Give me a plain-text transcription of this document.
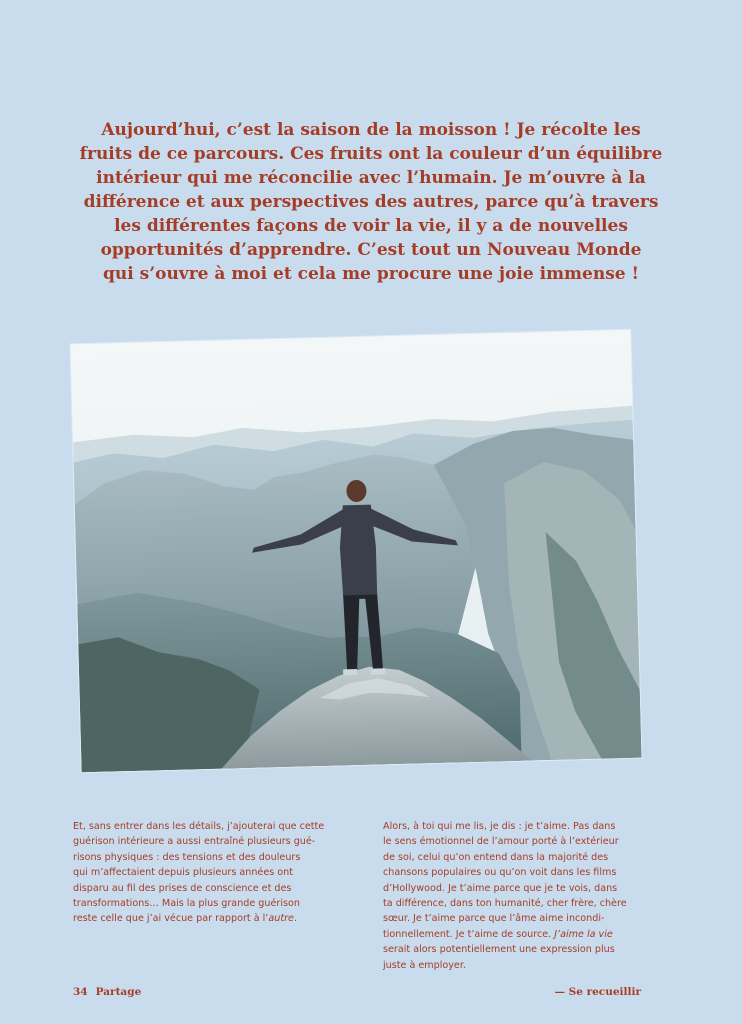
Aujourd’hui, c’est la saison de la moisson ! Je récolte les
fruits de ce parcours. Ces fruits ont la couleur d’un équilibre
intérieur qui me réconcilie avec l’humain. Je m’ouvre à la
différence et aux perspectives des autres, parce qu’à travers
les différentes façons de voir la vie, il y a de nouvelles
opportunités d’apprendre. C’est tout un Nouveau Monde
qui s’ouvre à moi et cela me procure une joie immense !
Et, sans entrer dans les détails, j’ajouterai que cette
guérison intérieure a aussi entraîné plusieurs gué-
risons physiques : des tensions et des douleurs
qui m’affectaient depuis plusieurs années ont
disparu au fil des prises de conscience et des
transformations… Mais la plus grande guérison
reste celle que j’ai vécue par rapport à l’autre.
Alors, à toi qui me lis, je dis : je t’aime. Pas dans
le sens émotionnel de l’amour porté à l’extérieur
de soi, celui qu’on entend dans la majorité des
chansons populaires ou qu’on voit dans les films
d’Hollywood. Je t’aime parce que je te vois, dans
ta différence, dans ton humanité, cher frère, chère
sœur. Je t’aime parce que l’âme aime incondi-
tionnellement. Je t’aime de source. J’aime la vie
serait alors potentiellement une expression plus
juste à employer.
34 Partage	— Se recueillir
